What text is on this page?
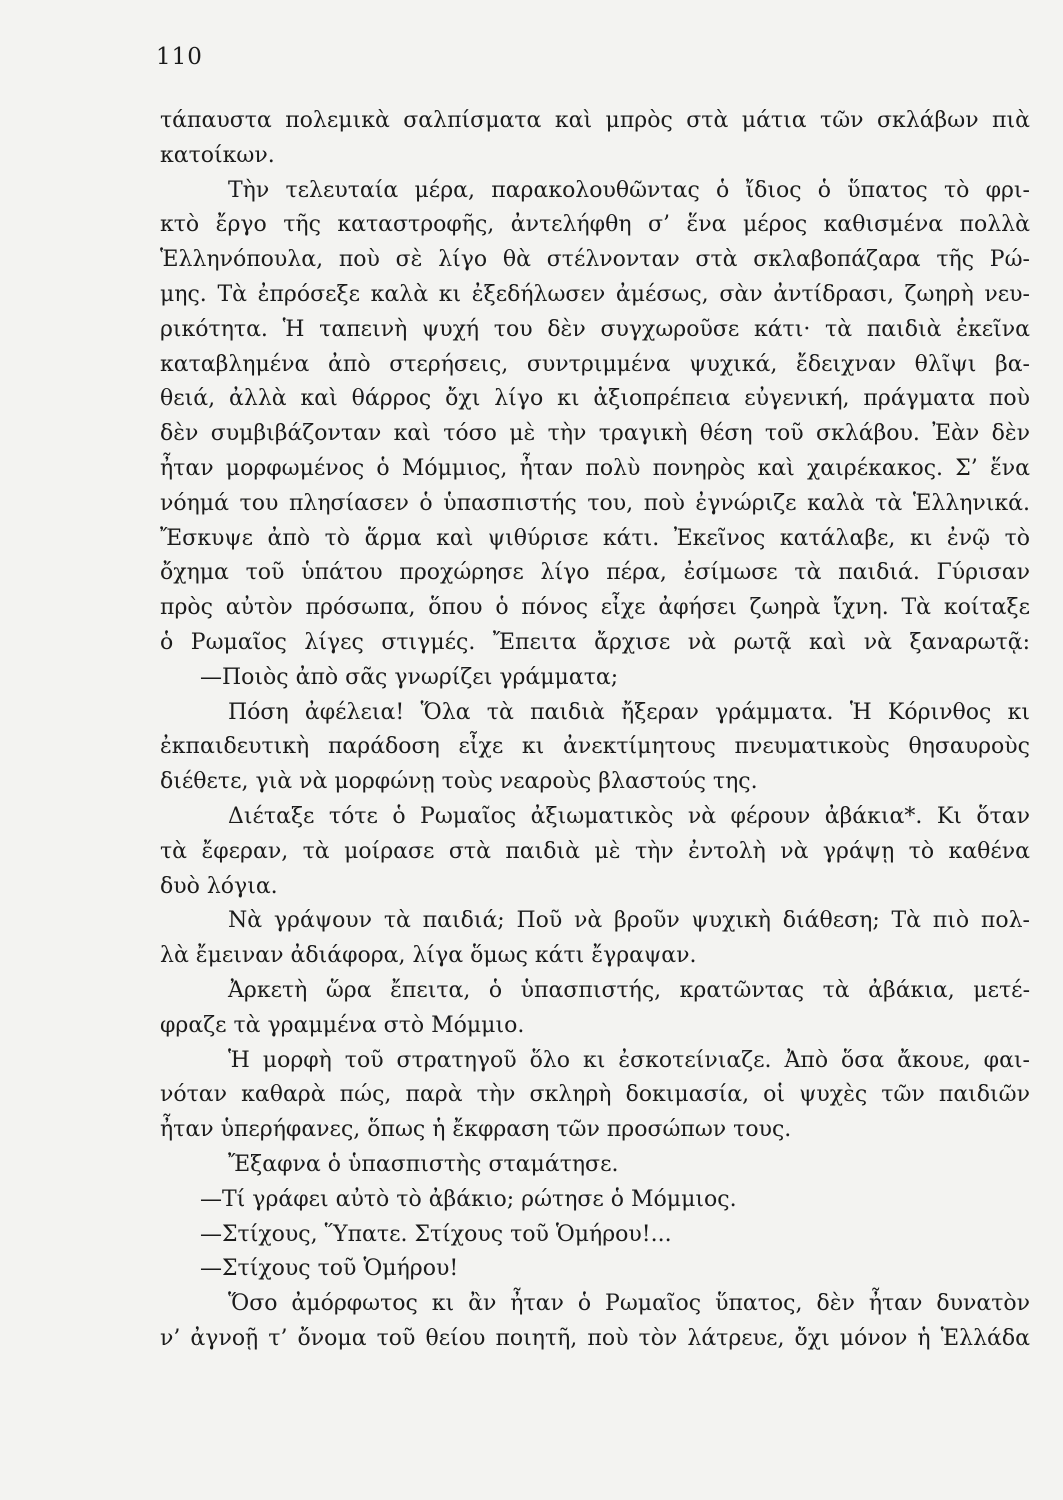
110
τάπαυστα πολεμικὰ σαλπίσματα καὶ μπρὸς στὰ μάτια τῶν σκλάβων πιὰ
κατοίκων.
Τὴν τελευταία μέρα, παρακολουθῶντας ὁ ἴδιος ὁ ὕπατος τὸ φρι-
κτὸ ἔργο τῆς καταστροφῆς, ἀντελήφθη σ’ ἕνα μέρος καθισμένα πολλὰ
Ἑλληνόπουλα, ποὺ σὲ λίγο θὰ στέλνονταν στὰ σκλαβοπάζαρα τῆς Ρώ-
μης. Τὰ ἐπρόσεξε καλὰ κι ἐξεδήλωσεν ἀμέσως, σὰν ἀντίδρασι, ζωηρὴ νευ-
ρικότητα. Ἡ ταπεινὴ ψυχή του δὲν συγχωροῦσε κάτι· τὰ παιδιὰ ἐκεῖνα
καταβλημένα ἀπὸ στερήσεις, συντριμμένα ψυχικά, ἔδειχναν θλῖψι βα-
θειά, ἀλλὰ καὶ θάρρος ὄχι λίγο κι ἀξιοπρέπεια εὐγενική, πράγματα ποὺ
δὲν συμβιβάζονταν καὶ τόσο μὲ τὴν τραγικὴ θέση τοῦ σκλάβου. Ἐὰν δὲν
ἦταν μορφωμένος ὁ Μόμμιος, ἦταν πολὺ πονηρὸς καὶ χαιρέκακος. Σ’ ἕνα
νόημά του πλησίασεν ὁ ὑπασπιστής του, ποὺ ἐγνώριζε καλὰ τὰ Ἑλληνικά.
Ἔσκυψε ἀπὸ τὸ ἅρμα καὶ ψιθύρισε κάτι. Ἐκεῖνος κατάλαβε, κι ἐνῷ τὸ
ὄχημα τοῦ ὑπάτου προχώρησε λίγο πέρα, ἐσίμωσε τὰ παιδιά. Γύρισαν
πρὸς αὐτὸν πρόσωπα, ὅπου ὁ πόνος εἶχε ἀφήσει ζωηρὰ ἴχνη. Τὰ κοίταξε
ὁ Ρωμαῖος λίγες στιγμές. Ἔπειτα ἄρχισε νὰ ρωτᾷ καὶ νὰ ξαναρωτᾷ:
—Ποιὸς ἀπὸ σᾶς γνωρίζει γράμματα;
Πόση ἀφέλεια! Ὅλα τὰ παιδιὰ ἤξεραν γράμματα. Ἡ Κόρινθος κι
ἐκπαιδευτικὴ παράδοση εἶχε κι ἀνεκτίμητους πνευματικοὺς θησαυροὺς
διέθετε, γιὰ νὰ μορφώνῃ τοὺς νεαροὺς βλαστούς της.
Διέταξε τότε ὁ Ρωμαῖος ἀξιωματικὸς νὰ φέρουν ἀβάκια*. Κι ὅταν
τὰ ἔφεραν, τὰ μοίρασε στὰ παιδιὰ μὲ τὴν ἐντολὴ νὰ γράψῃ τὸ καθένα
δυὸ λόγια.
Νὰ γράψουν τὰ παιδιά; Ποῦ νὰ βροῦν ψυχικὴ διάθεση; Τὰ πιὸ πολ-
λὰ ἔμειναν ἀδιάφορα, λίγα ὅμως κάτι ἔγραψαν.
Ἀρκετὴ ὥρα ἔπειτα, ὁ ὑπασπιστής, κρατῶντας τὰ ἀβάκια, μετέ-
φραζε τὰ γραμμένα στὸ Μόμμιο.
Ἡ μορφὴ τοῦ στρατηγοῦ ὅλο κι ἐσκοτείνιαζε. Ἀπὸ ὅσα ἄκουε, φαι-
νόταν καθαρὰ πώς, παρὰ τὴν σκληρὴ δοκιμασία, οἱ ψυχὲς τῶν παιδιῶν
ἦταν ὑπερήφανες, ὅπως ἡ ἔκφραση τῶν προσώπων τους.
Ἔξαφνα ὁ ὑπασπιστὴς σταμάτησε.
—Τί γράφει αὐτὸ τὸ ἀβάκιο; ρώτησε ὁ Μόμμιος.
—Στίχους, Ὕπατε. Στίχους τοῦ Ὁμήρου!...
—Στίχους τοῦ Ὁμήρου!
Ὅσο ἀμόρφωτος κι ἂν ἦταν ὁ Ρωμαῖος ὕπατος, δὲν ἦταν δυνατὸν
ν’ ἀγνοῇ τ’ ὄνομα τοῦ θείου ποιητῆ, ποὺ τὸν λάτρευε, ὄχι μόνον ἡ Ἑλλάδα
